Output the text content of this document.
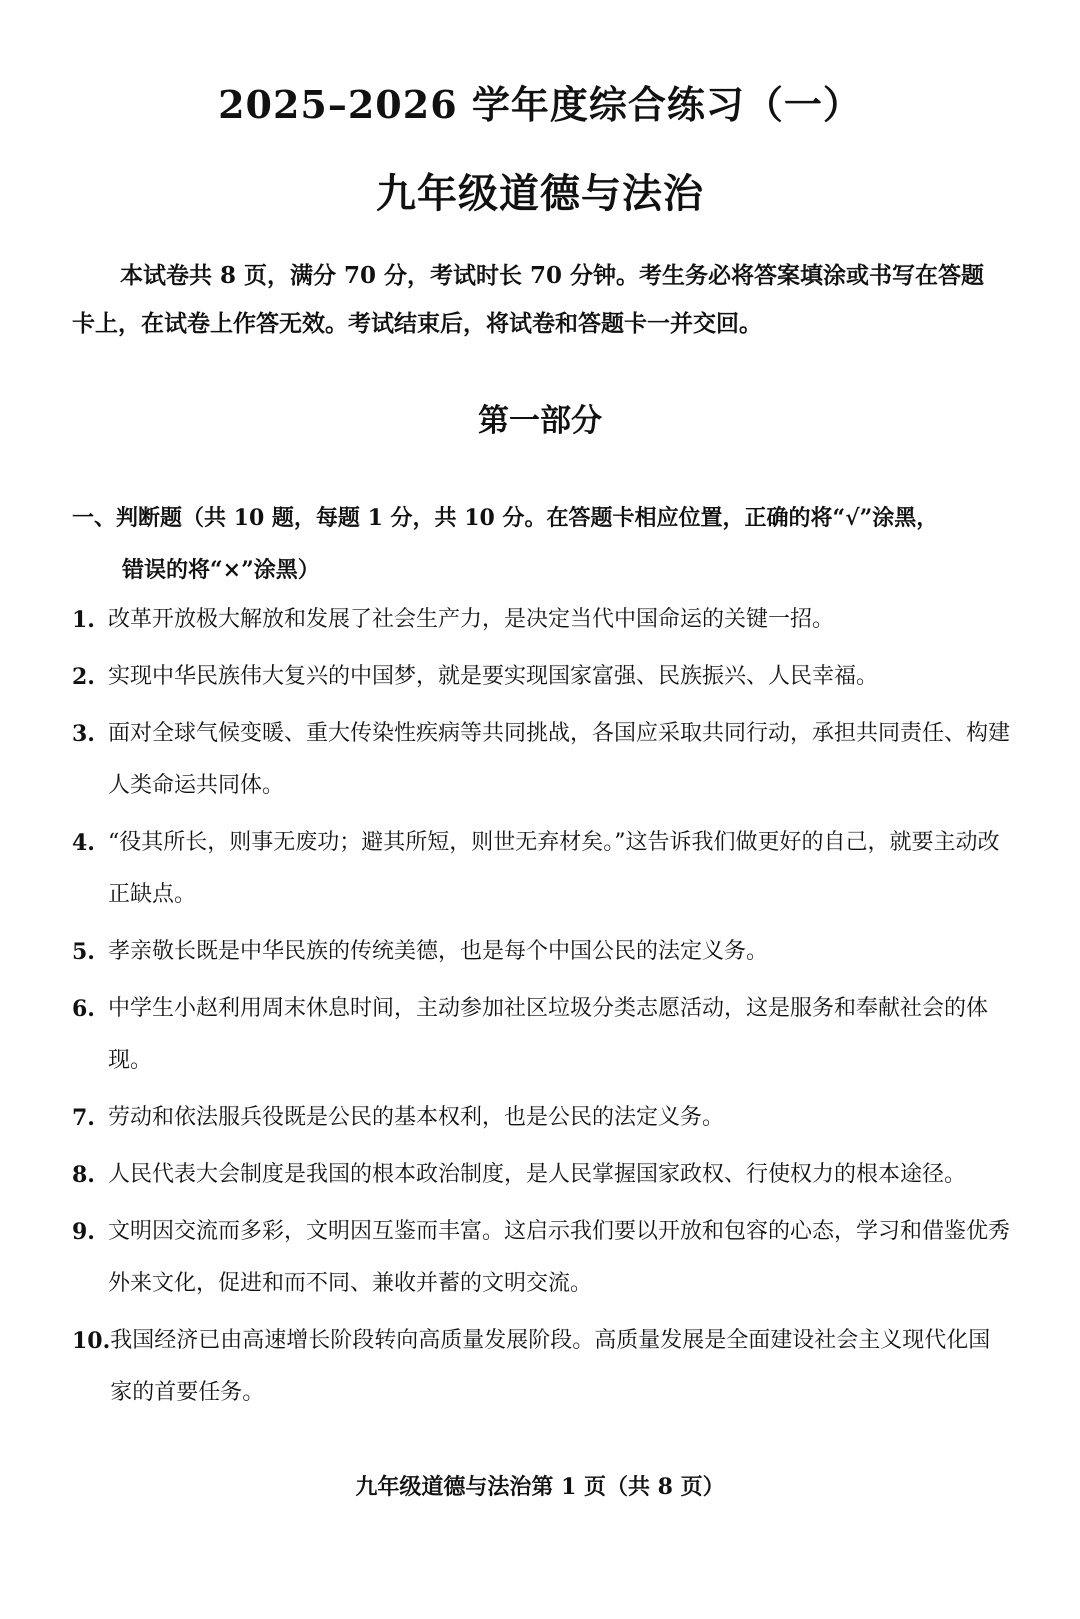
2025–2026 学年度综合练习（一）
九年级道德与法治
本试卷共 8 页，满分 70 分，考试时长 70 分钟。考生务必将答案填涂或书写在答题卡上，在试卷上作答无效。考试结束后，将试卷和答题卡一并交回。
第一部分
一、判断题（共 10 题，每题 1 分，共 10 分。在答题卡相应位置，正确的将“√”涂黑，
错误的将“×”涂黑）
1. 改革开放极大解放和发展了社会生产力，是决定当代中国命运的关键一招。
2. 实现中华民族伟大复兴的中国梦，就是要实现国家富强、民族振兴、人民幸福。
3. 面对全球气候变暖、重大传染性疾病等共同挑战，各国应采取共同行动，承担共同责任、构建人类命运共同体。
4. “役其所长，则事无废功；避其所短，则世无弃材矣。”这告诉我们做更好的自己，就要主动改正缺点。
5. 孝亲敬长既是中华民族的传统美德，也是每个中国公民的法定义务。
6. 中学生小赵利用周末休息时间，主动参加社区垃圾分类志愿活动，这是服务和奉献社会的体现。
7. 劳动和依法服兵役既是公民的基本权利，也是公民的法定义务。
8. 人民代表大会制度是我国的根本政治制度，是人民掌握国家政权、行使权力的根本途径。
9. 文明因交流而多彩，文明因互鉴而丰富。这启示我们要以开放和包容的心态，学习和借鉴优秀外来文化，促进和而不同、兼收并蓄的文明交流。
10. 我国经济已由高速增长阶段转向高质量发展阶段。高质量发展是全面建设社会主义现代化国家的首要任务。
九年级道德与法治第 1 页（共 8 页）
